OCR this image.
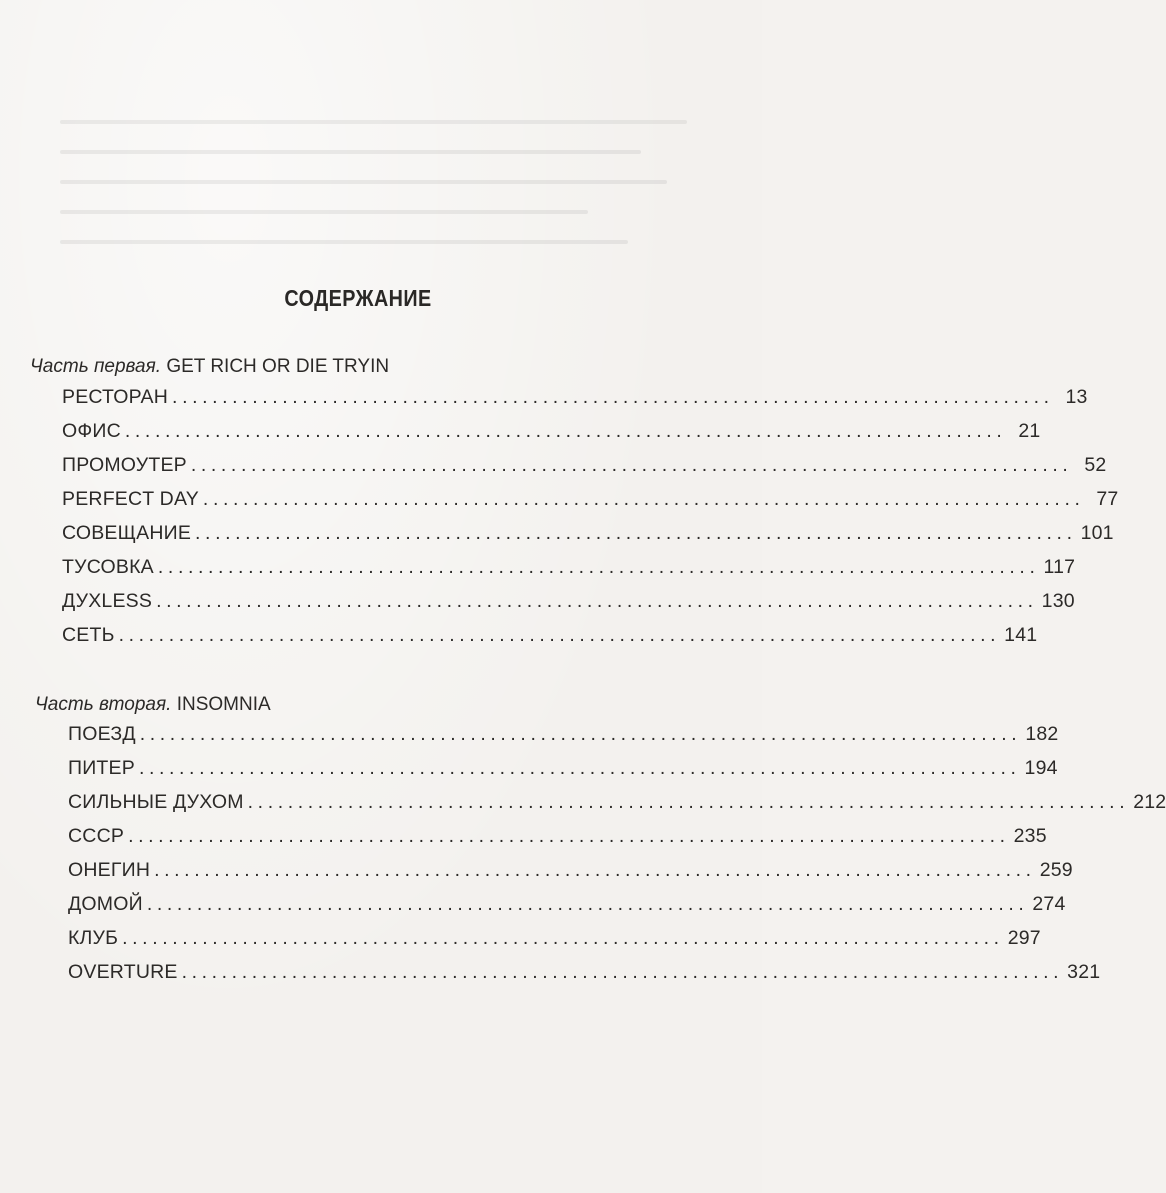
СОДЕРЖАНИЕ
Часть первая. GET RICH OR DIE TRYIN
РЕСТОРАН ........................................................................................ 13
ОФИС ........................................................................................ 21
ПРОМОУТЕР ........................................................................................ 52
PERFECT DAY ........................................................................................ 77
СОВЕЩАНИЕ ........................................................................................ 101
ТУСОВКА ........................................................................................ 117
ДУXLESS ........................................................................................ 130
СЕТЬ ........................................................................................ 141
Часть вторая. INSOMNIA
ПОЕЗД ........................................................................................ 182
ПИТЕР ........................................................................................ 194
СИЛЬНЫЕ ДУХОМ ........................................................................................ 212
СССР ........................................................................................ 235
ОНЕГИН ........................................................................................ 259
ДОМОЙ ........................................................................................ 274
КЛУБ ........................................................................................ 297
OVERTURE ........................................................................................ 321
